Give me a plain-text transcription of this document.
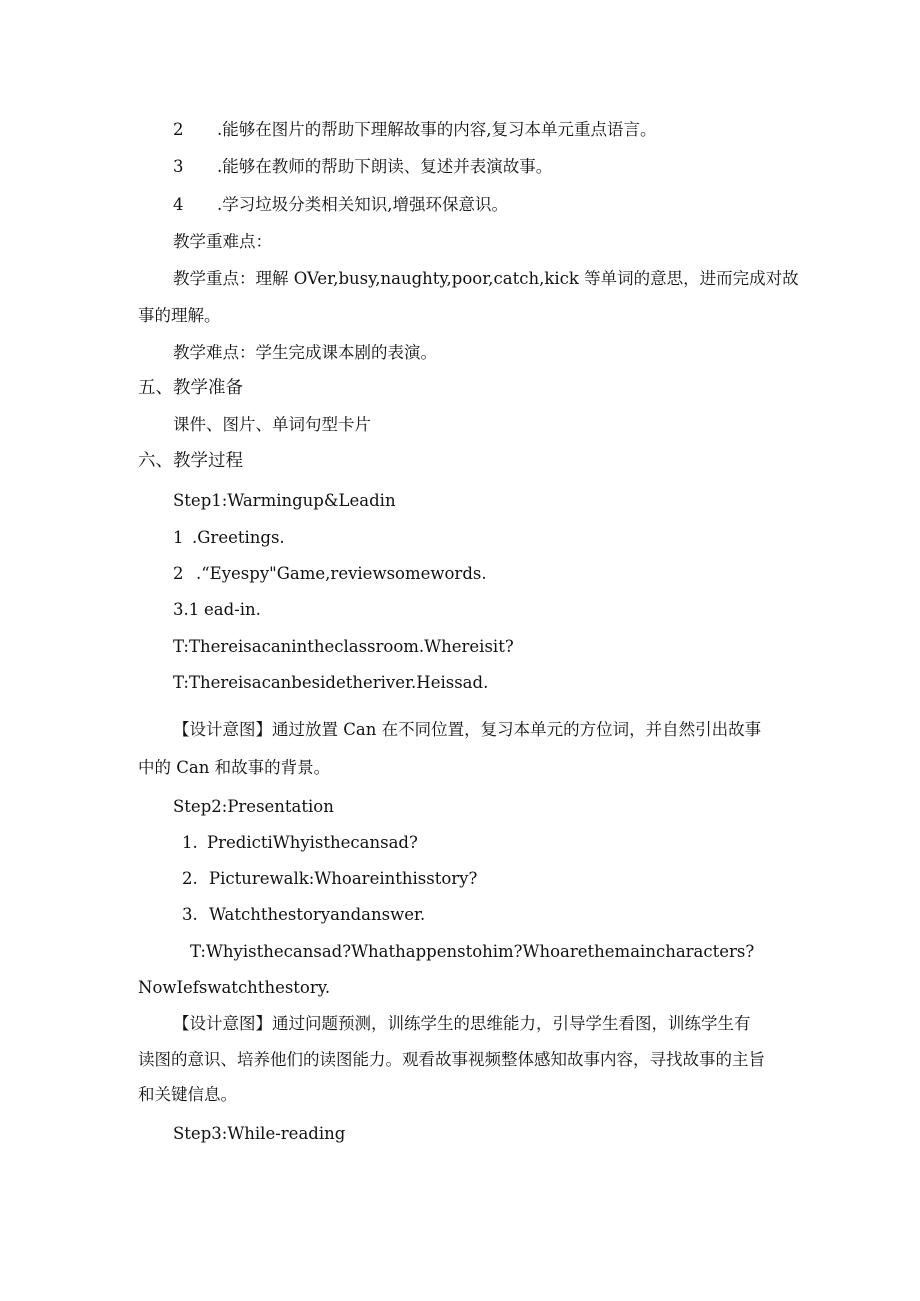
2 .能够在图片的帮助下理解故事的内容,复习本单元重点语言。
3 .能够在教师的帮助下朗读、复述并表演故事。
4 .学习垃圾分类相关知识,增强环保意识。
教学重难点：
教学重点：理解 OVer,busy,naughty,poor,catch,kick 等单词的意思，进而完成对故
事的理解。
教学难点：学生完成课本剧的表演。
五、教学准备
课件、图片、单词句型卡片
六、教学过程
Step1:Warmingup&Leadin
1 .Greetings.
2 .“Eyespy"Game,reviewsomewords.
3.1 ead-in.
T:Thereisacanintheclassroom.Whereisit?
T:Thereisacanbesidetheriver.Heissad.
【设计意图】通过放置 Can 在不同位置，复习本单元的方位词，并自然引出故事
中的 Can 和故事的背景。
Step2:Presentation
1. PredictiWhyisthecansad?
2. Picturewalk:Whoareinthisstory?
3. Watchthestoryandanswer.
T:Whyisthecansad?Whathappenstohim?Whoarethemaincharacters?
NowIefswatchthestory.
【设计意图】通过问题预测，训练学生的思维能力，引导学生看图，训练学生有
读图的意识、培养他们的读图能力。观看故事视频整体感知故事内容，寻找故事的主旨
和关键信息。
Step3:While-reading
